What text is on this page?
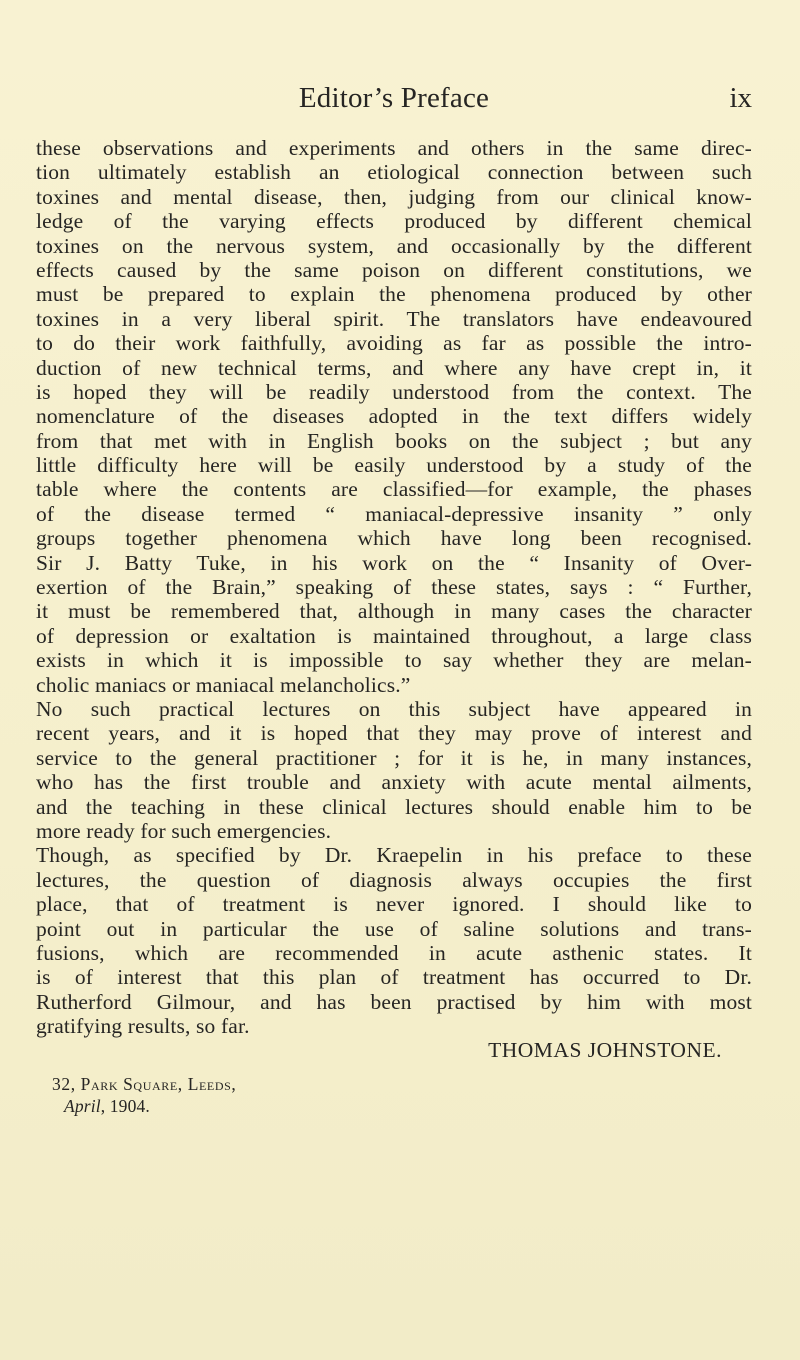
Editor’s Preface	ix
these observations and experiments and others in the same direc-
tion ultimately establish an etiological connection between such
toxines and mental disease, then, judging from our clinical know-
ledge of the varying effects produced by different chemical
toxines on the nervous system, and occasionally by the different
effects caused by the same poison on different constitutions, we
must be prepared to explain the phenomena produced by other
toxines in a very liberal spirit. The translators have endeavoured
to do their work faithfully, avoiding as far as possible the intro-
duction of new technical terms, and where any have crept in, it
is hoped they will be readily understood from the context. The
nomenclature of the diseases adopted in the text differs widely
from that met with in English books on the subject ; but any
little difficulty here will be easily understood by a study of the
table where the contents are classified—for example, the phases
of the disease termed “ maniacal-depressive insanity ” only
groups together phenomena which have long been recognised.
Sir J. Batty Tuke, in his work on the “ Insanity of Over-
exertion of the Brain,” speaking of these states, says : “ Further,
it must be remembered that, although in many cases the character
of depression or exaltation is maintained throughout, a large class
exists in which it is impossible to say whether they are melan-
cholic maniacs or maniacal melancholics.”
No such practical lectures on this subject have appeared in
recent years, and it is hoped that they may prove of interest and
service to the general practitioner ; for it is he, in many instances,
who has the first trouble and anxiety with acute mental ailments,
and the teaching in these clinical lectures should enable him to be
more ready for such emergencies.
Though, as specified by Dr. Kraepelin in his preface to these
lectures, the question of diagnosis always occupies the first
place, that of treatment is never ignored. I should like to
point out in particular the use of saline solutions and trans-
fusions, which are recommended in acute asthenic states. It
is of interest that this plan of treatment has occurred to Dr.
Rutherford Gilmour, and has been practised by him with most
gratifying results, so far.
THOMAS JOHNSTONE.
32, Park Square, Leeds,
April, 1904.
